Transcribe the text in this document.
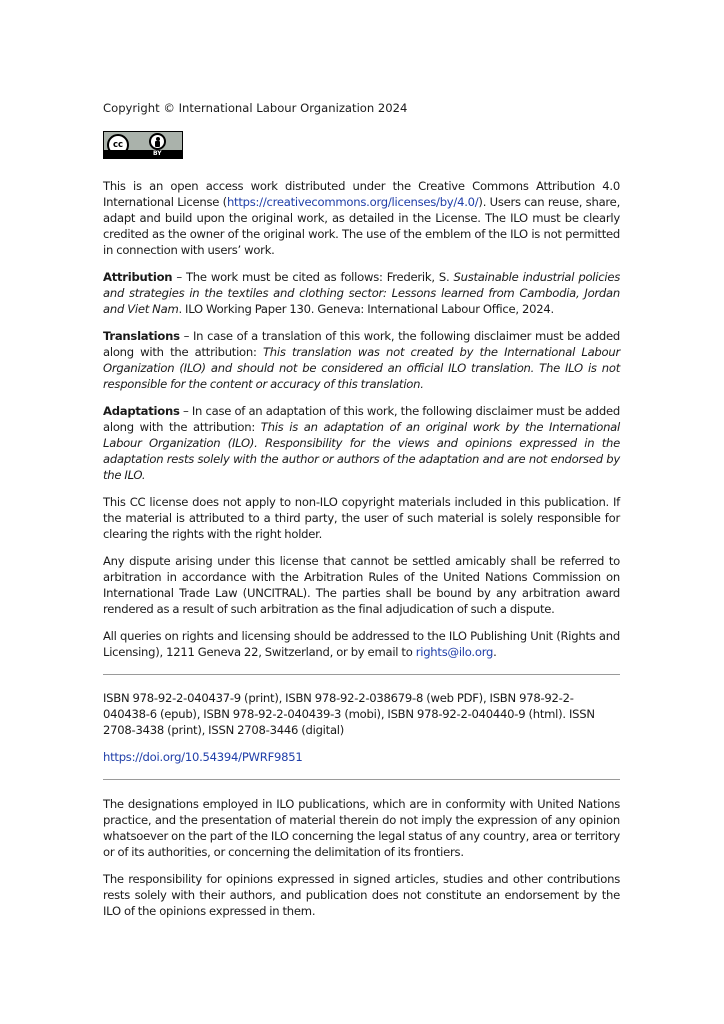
Copyright © International Labour Organization 2024
cc
BY

This is an open access work distributed under the Creative Commons Attribution 4.0 International License (https://creativecommons.org/licenses/by/4.0/). Users can reuse, share, adapt and build upon the original work, as detailed in the License. The ILO must be clearly credited as the owner of the original work. The use of the emblem of the ILO is not permitted in connection with users’ work.

Attribution – The work must be cited as follows: Frederik, S. Sustainable industrial policies and strategies in the textiles and clothing sector: Lessons learned from Cambodia, Jordan and Viet Nam. ILO Working Paper 130. Geneva: International Labour Office, 2024.

Translations – In case of a translation of this work, the following disclaimer must be added along with the attribution: This translation was not created by the International Labour Organization (ILO) and should not be considered an official ILO translation. The ILO is not responsible for the content or accuracy of this translation.

Adaptations – In case of an adaptation of this work, the following disclaimer must be added along with the attribution: This is an adaptation of an original work by the International Labour Organization (ILO). Responsibility for the views and opinions expressed in the adaptation rests solely with the author or authors of the adaptation and are not endorsed by the ILO.

This CC license does not apply to non-ILO copyright materials included in this publication. If the material is attributed to a third party, the user of such material is solely responsible for clearing the rights with the right holder.

Any dispute arising under this license that cannot be settled amicably shall be referred to arbitration in accordance with the Arbitration Rules of the United Nations Commission on International Trade Law (UNCITRAL). The parties shall be bound by any arbitration award rendered as a result of such arbitration as the final adjudication of such a dispute.

All queries on rights and licensing should be addressed to the ILO Publishing Unit (Rights and Licensing), 1211 Geneva 22, Switzerland, or by email to rights@ilo.org.

ISBN 978-92-2-040437-9 (print), ISBN 978-92-2-038679-8 (web PDF), ISBN 978-92-2-040438-6 (epub), ISBN 978-92-2-040439-3 (mobi), ISBN 978-92-2-040440-9 (html). ISSN 2708-3438 (print), ISSN 2708-3446 (digital)

https://doi.org/10.54394/PWRF9851

The designations employed in ILO publications, which are in conformity with United Nations practice, and the presentation of material therein do not imply the expression of any opinion whatsoever on the part of the ILO concerning the legal status of any country, area or territory or of its authorities, or concerning the delimitation of its frontiers.

The responsibility for opinions expressed in signed articles, studies and other contributions rests solely with their authors, and publication does not constitute an endorsement by the ILO of the opinions expressed in them.
